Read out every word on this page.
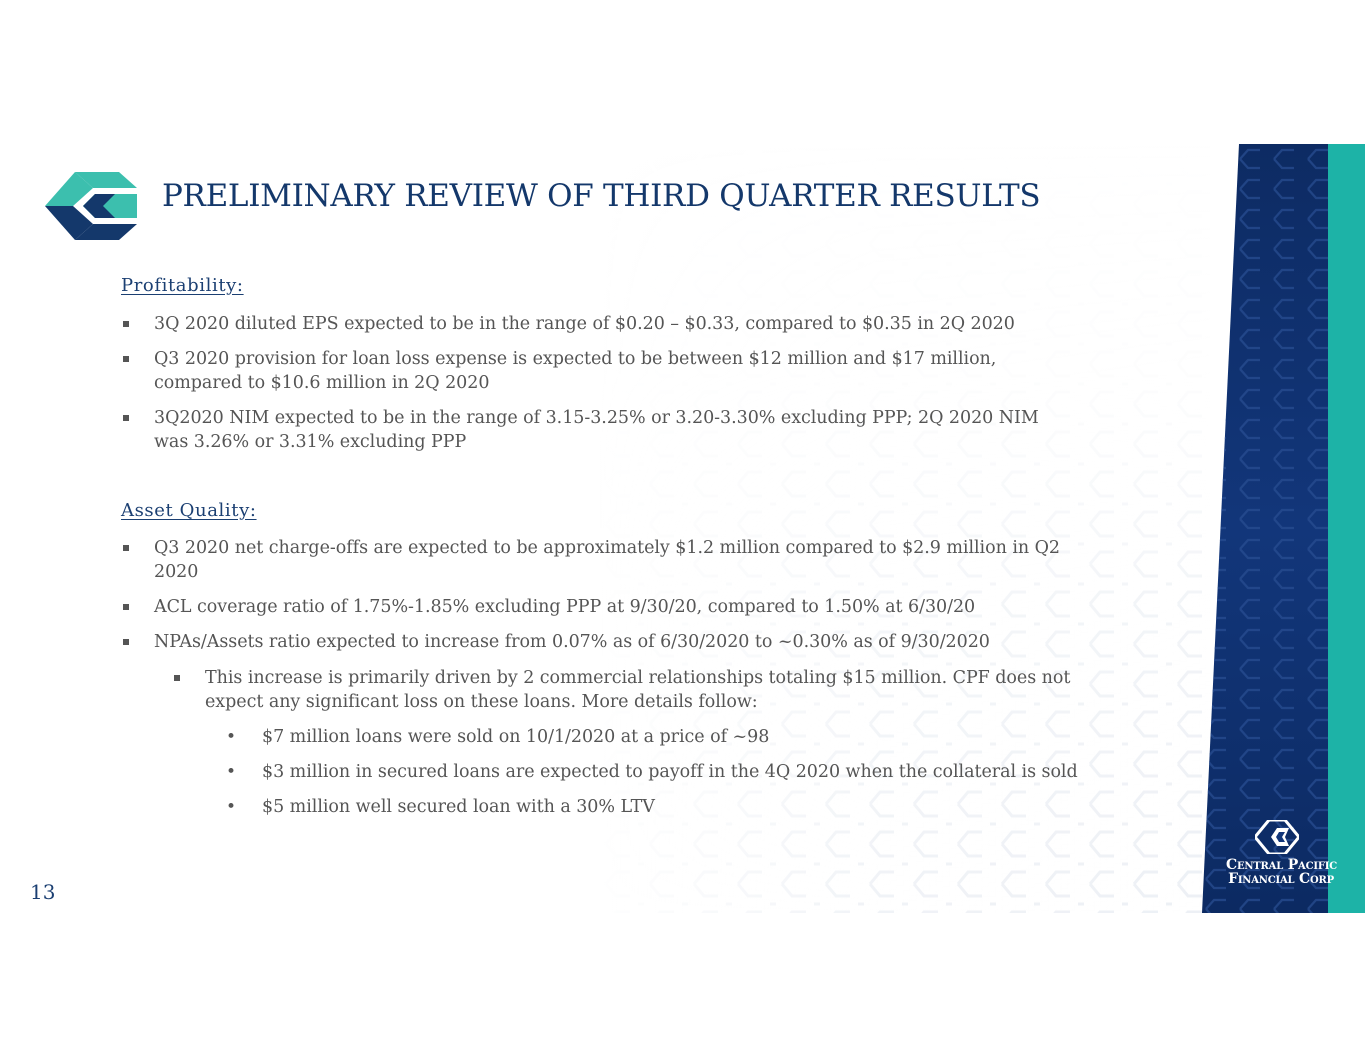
PRELIMINARY REVIEW OF THIRD QUARTER RESULTS
Profitability:
3Q 2020 diluted EPS expected to be in the range of $0.20 – $0.33, compared to $0.35 in 2Q 2020
Q3 2020 provision for loan loss expense is expected to be between $12 million and $17 million,
compared to $10.6 million in 2Q 2020
3Q2020 NIM expected to be in the range of 3.15-3.25% or 3.20-3.30% excluding PPP; 2Q 2020 NIM
was 3.26% or 3.31% excluding PPP
Asset Quality:
Q3 2020 net charge-offs are expected to be approximately $1.2 million compared to $2.9 million in Q2
2020
ACL coverage ratio of 1.75%-1.85% excluding PPP at 9/30/20, compared to 1.50% at 6/30/20
NPAs/Assets ratio expected to increase from 0.07% as of 6/30/2020 to ~0.30% as of 9/30/2020
This increase is primarily driven by 2 commercial relationships totaling $15 million. CPF does not
expect any significant loss on these loans. More details follow:
• $7 million loans were sold on 10/1/2020 at a price of ~98
• $3 million in secured loans are expected to payoff in the 4Q 2020 when the collateral is sold
• $5 million well secured loan with a 30% LTV
Central Pacific
Financial Corp
13
